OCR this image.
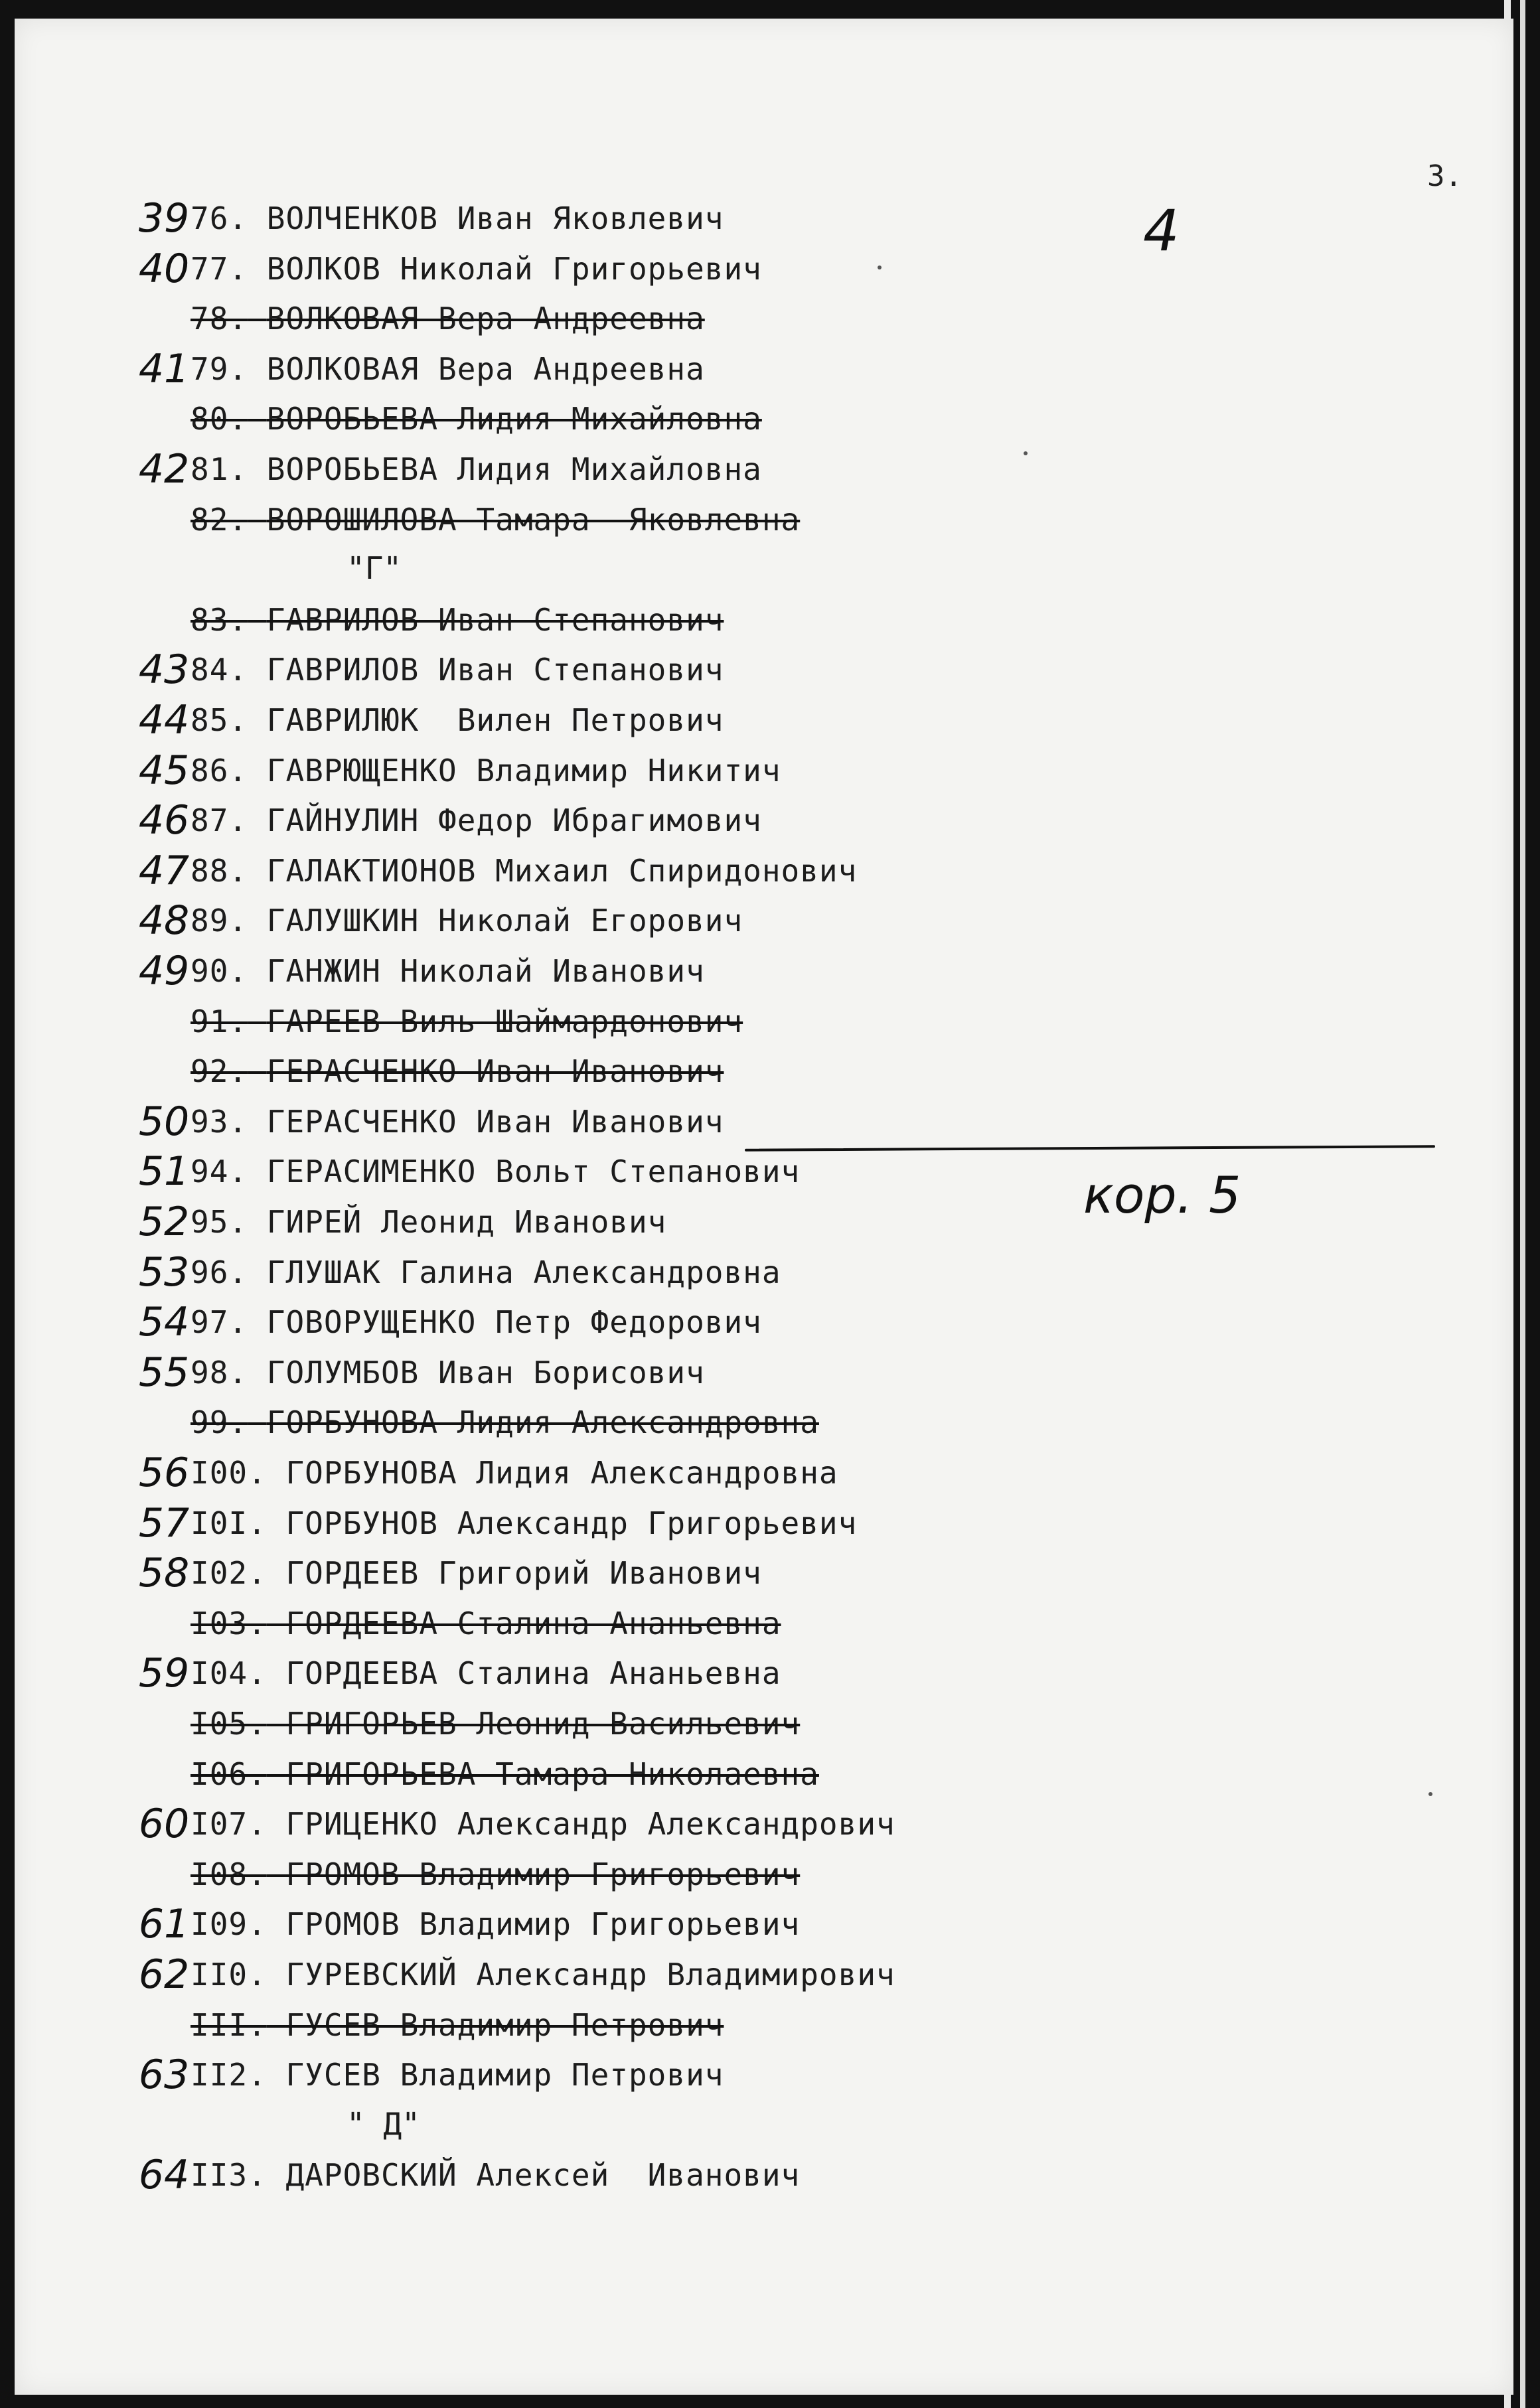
3.
4
кор. 5
39 76. ВОЛЧЕНКОВ Иван Яковлевич
40 77. ВОЛКОВ Николай Григорьевич
78. ВОЛКОВАЯ Вера Андреевна
41 79. ВОЛКОВАЯ Вера Андреевна
80. ВОРОБЬЕВА Лидия Михайловна
42 81. ВОРОБЬЕВА Лидия Михайловна
82. ВОРОШИЛОВА Тамара  Яковлевна
"Г"
83. ГАВРИЛОВ Иван Степанович
43 84. ГАВРИЛОВ Иван Степанович
44 85. ГАВРИЛЮК  Вилен Петрович
45 86. ГАВРЮЩЕНКО Владимир Никитич
46 87. ГАЙНУЛИН Федор Ибрагимович
47 88. ГАЛАКТИОНОВ Михаил Спиридонович
48 89. ГАЛУШКИН Николай Егорович
49 90. ГАНЖИН Николай Иванович
91. ГАРЕЕВ Виль Шаймардонович
92. ГЕРАСЧЕНКО Иван Иванович
50 93. ГЕРАСЧЕНКО Иван Иванович
51 94. ГЕРАСИМЕНКО Вольт Степанович
52 95. ГИРЕЙ Леонид Иванович
53 96. ГЛУШАК Галина Александровна
54 97. ГОВОРУЩЕНКО Петр Федорович
55 98. ГОЛУМБОВ Иван Борисович
99. ГОРБУНОВА Лидия Александровна
56 I00. ГОРБУНОВА Лидия Александровна
57 I0I. ГОРБУНОВ Александр Григорьевич
58 I02. ГОРДЕЕВ Григорий Иванович
I03. ГОРДЕЕВА Сталина Ананьевна
59 I04. ГОРДЕЕВА Сталина Ананьевна
I05. ГРИГОРЬЕВ Леонид Васильевич
I06. ГРИГОРЬЕВА Тамара Николаевна
60 I07. ГРИЦЕНКО Александр Александрович
I08. ГРОМОВ Владимир Григорьевич
61 I09. ГРОМОВ Владимир Григорьевич
62 II0. ГУРЕВСКИЙ Александр Владимирович
III. ГУСЕВ Владимир Петрович
63 II2. ГУСЕВ Владимир Петрович
" Д"
64 II3. ДАРОВСКИЙ Алексей  Иванович
